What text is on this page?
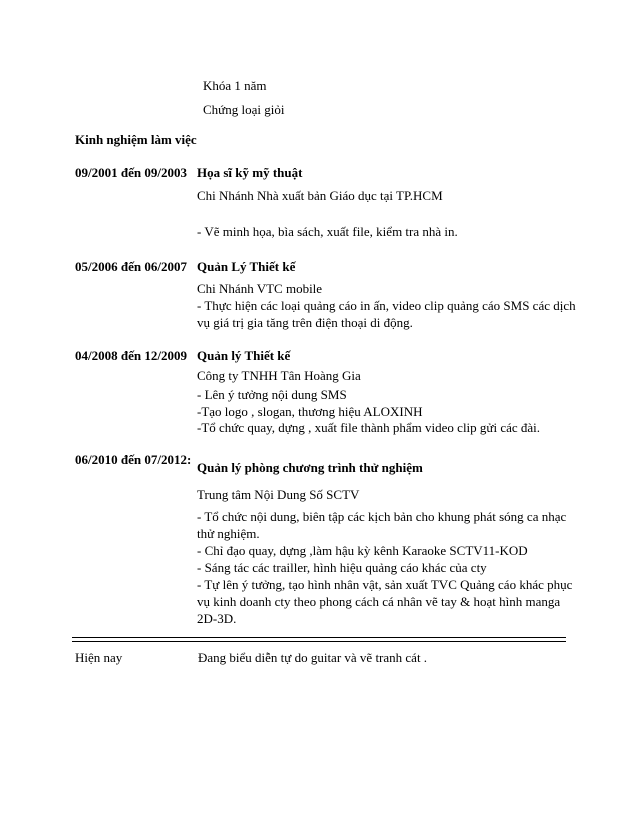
Khóa 1 năm
Chứng loại giỏi
Kinh nghiệm làm việc
09/2001 đến 09/2003 Họa sĩ kỹ mỹ thuật
Chi Nhánh Nhà xuất bản Giáo dục tại TP.HCM
- Vẽ minh họa, bìa sách, xuất file, kiểm tra nhà in.
05/2006 đến 06/2007 Quản Lý Thiết kế
Chi Nhánh VTC mobile
- Thực hiện các loại quảng cáo in ấn, video clip quảng cáo SMS các dịch
vụ giá trị gia tăng trên điện thoại di động.
04/2008 đến 12/2009 Quản lý Thiết kế
Công ty TNHH Tân Hoàng Gia
- Lên ý tưởng nội dung SMS
-Tạo logo , slogan, thương hiệu ALOXINH
-Tổ chức quay, dựng , xuất file thành phẩm video clip gửi các đài.
06/2010 đến 07/2012:
Quản lý phòng chương trình thử nghiệm
Trung tâm Nội Dung Số SCTV
- Tổ chức nội dung, biên tập các kịch bản cho khung phát sóng ca nhạc
thử nghiệm.
- Chỉ đạo quay, dựng ,làm hậu kỳ kênh Karaoke SCTV11-KOD
- Sáng tác các trailler, hình hiệu quảng cáo khác của cty
- Tự lên ý tưởng, tạo hình nhân vật, sản xuất TVC Quảng cáo khác phục
vụ kinh doanh cty theo phong cách cá nhân vẽ tay & hoạt hình manga
2D-3D.
Hiện nay	Đang biểu diễn tự do guitar và vẽ tranh cát .
